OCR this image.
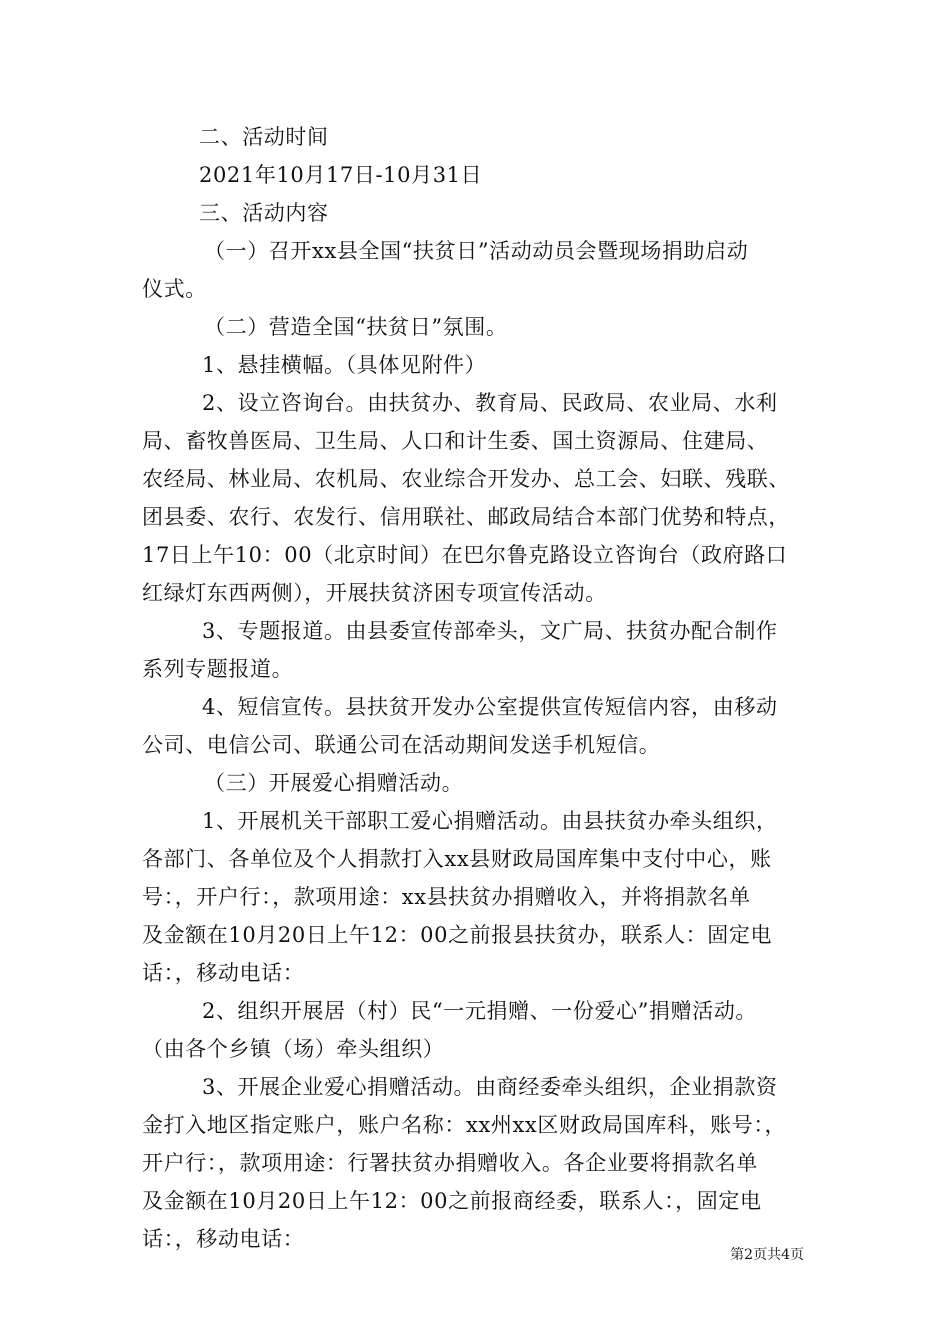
二、活动时间
2021年10月17日-10月31日
三、活动内容
（一）召开xx县全国“扶贫日”活动动员会暨现场捐助启动
仪式。
（二）营造全国“扶贫日”氛围。
1、悬挂横幅。（具体见附件）
2、设立咨询台。由扶贫办、教育局、民政局、农业局、水利
局、畜牧兽医局、卫生局、人口和计生委、国土资源局、住建局、
农经局、林业局、农机局、农业综合开发办、总工会、妇联、残联、
团县委、农行、农发行、信用联社、邮政局结合本部门优势和特点，
17日上午10：00（北京时间）在巴尔鲁克路设立咨询台（政府路口
红绿灯东西两侧），开展扶贫济困专项宣传活动。
3、专题报道。由县委宣传部牵头，文广局、扶贫办配合制作
系列专题报道。
4、短信宣传。县扶贫开发办公室提供宣传短信内容，由移动
公司、电信公司、联通公司在活动期间发送手机短信。
（三）开展爱心捐赠活动。
1、开展机关干部职工爱心捐赠活动。由县扶贫办牵头组织，
各部门、各单位及个人捐款打入xx县财政局国库集中支付中心，账
号：，开户行：，款项用途：xx县扶贫办捐赠收入，并将捐款名单
及金额在10月20日上午12：00之前报县扶贫办，联系人：固定电
话：，移动电话：
2、组织开展居（村）民“一元捐赠、一份爱心”捐赠活动。
（由各个乡镇（场）牵头组织）
3、开展企业爱心捐赠活动。由商经委牵头组织，企业捐款资
金打入地区指定账户，账户名称：xx州xx区财政局国库科，账号：，
开户行：，款项用途：行署扶贫办捐赠收入。各企业要将捐款名单
及金额在10月20日上午12：00之前报商经委，联系人：，固定电
话：，移动电话：
第2页共4页
